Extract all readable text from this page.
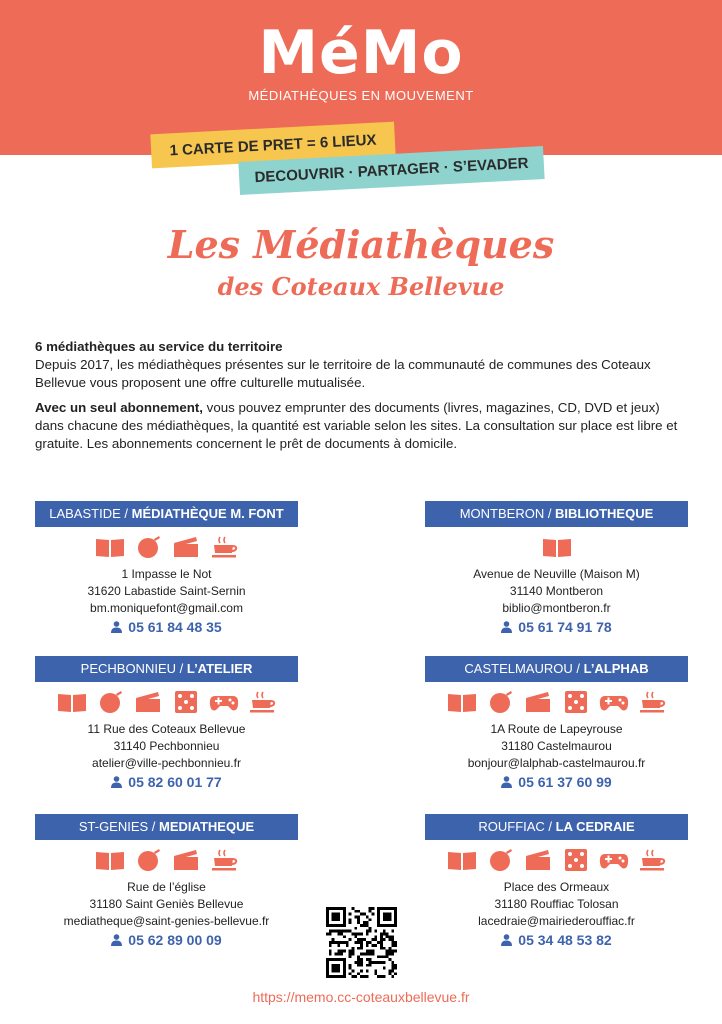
MéMo
MÉDIATHÈQUES EN MOUVEMENT
1 CARTE DE PRET = 6 LIEUX
DECOUVRIR · PARTAGER · S’EVADER
Les Médiathèques
des Coteaux Bellevue

6 médiathèques au service du territoire
Depuis 2017, les médiathèques présentes sur le territoire de la communauté de communes des Coteaux Bellevue vous proposent une offre culturelle mutualisée.

Avec un seul abonnement, vous pouvez emprunter des documents (livres, magazines, CD, DVD et jeux) dans chacune des médiathèques, la quantité est variable selon les sites. La consultation sur place est libre et gratuite. Les abonnements concernent le prêt de documents à domicile.

LABASTIDE / MÉDIATHÈQUE M. FONT
1 Impasse le Not
31620 Labastide Saint-Sernin
bm.moniquefont@gmail.com
05 61 84 48 35
MONTBERON / BIBLIOTHEQUE
Avenue de Neuville (Maison M)
31140 Montberon
biblio@montberon.fr
05 61 74 91 78
PECHBONNIEU / L’ATELIER
11 Rue des Coteaux Bellevue
31140 Pechbonnieu
atelier@ville-pechbonnieu.fr
05 82 60 01 77
CASTELMAUROU / L’ALPHAB
1A Route de Lapeyrouse
31180 Castelmaurou
bonjour@lalphab-castelmaurou.fr
05 61 37 60 99
ST-GENIES / MEDIATHEQUE
Rue de l’église
31180 Saint Geniès Bellevue
mediatheque@saint-genies-bellevue.fr
05 62 89 00 09
ROUFFIAC / LA CEDRAIE
Place des Ormeaux
31180 Rouffiac Tolosan
lacedraie@mairiederouffiac.fr
05 34 48 53 82
https://memo.cc-coteauxbellevue.fr
